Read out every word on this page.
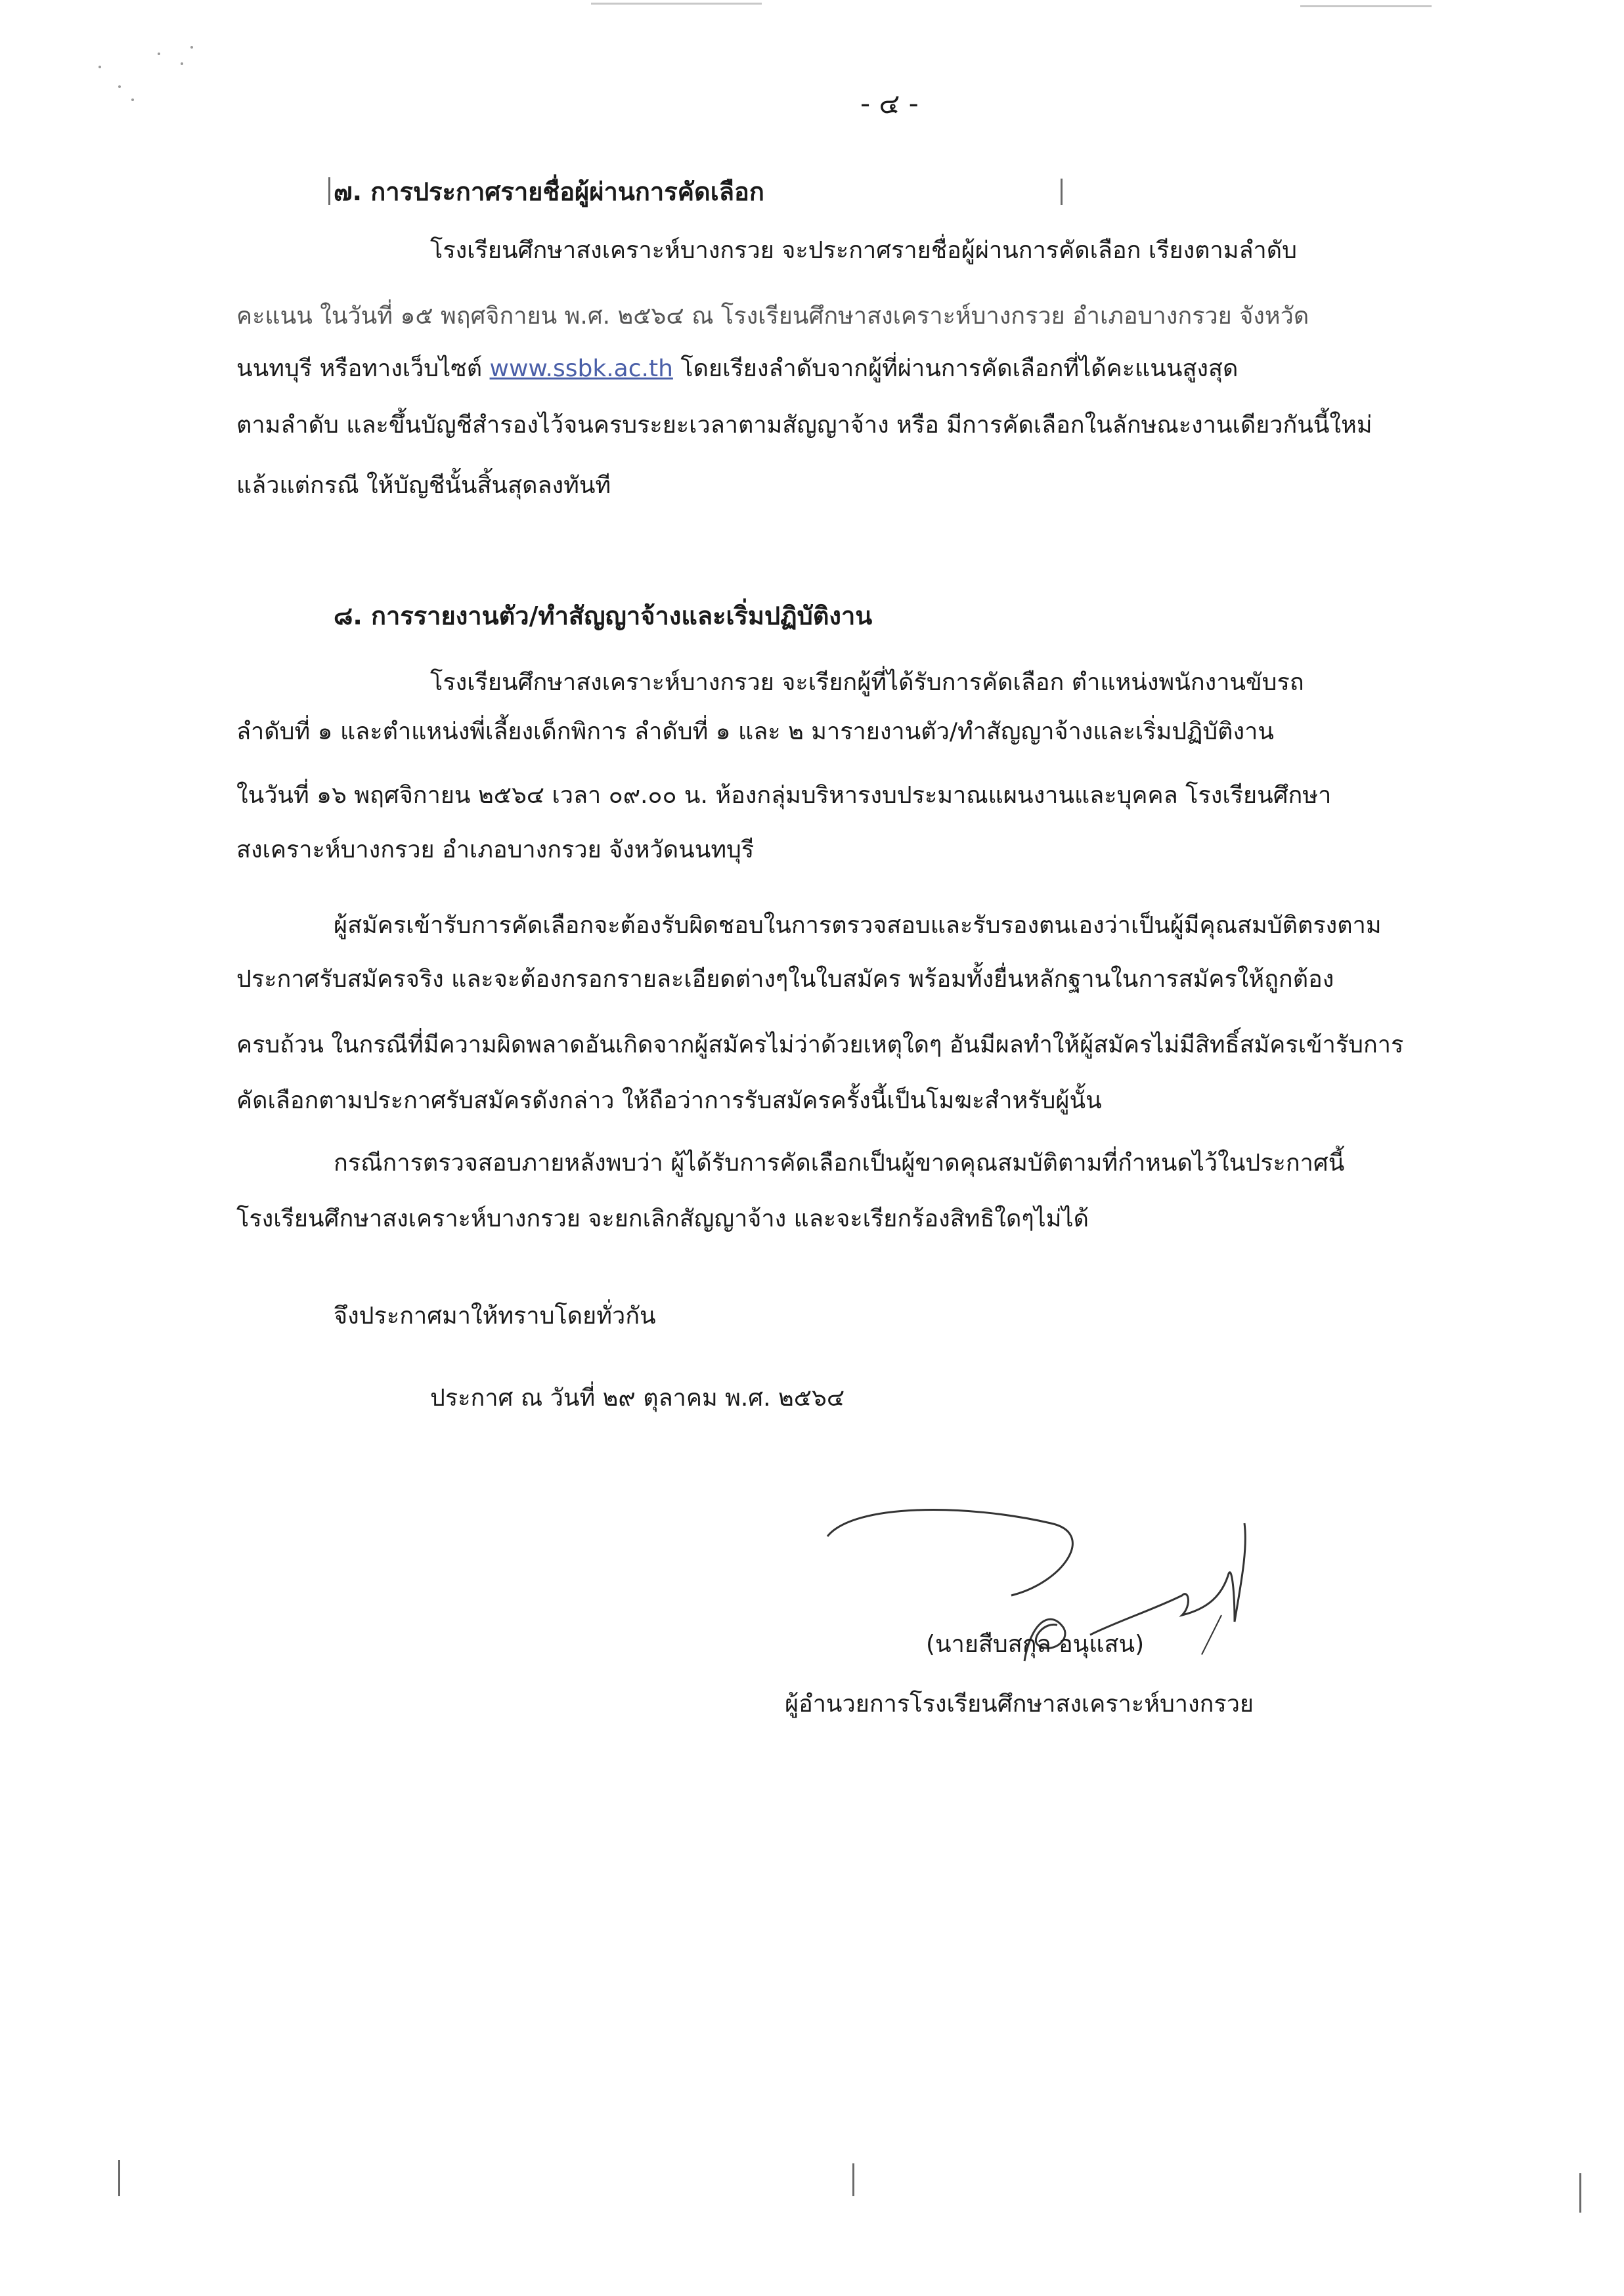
- ๔ -
๗. การประกาศรายชื่อผู้ผ่านการคัดเลือก
โรงเรียนศึกษาสงเคราะห์บางกรวย จะประกาศรายชื่อผู้ผ่านการคัดเลือก เรียงตามลำดับ
คะแนน ในวันที่ ๑๕ พฤศจิกายน พ.ศ. ๒๕๖๔ ณ โรงเรียนศึกษาสงเคราะห์บางกรวย อำเภอบางกรวย จังหวัด
นนทบุรี หรือทางเว็บไซต์ www.ssbk.ac.th โดยเรียงลำดับจากผู้ที่ผ่านการคัดเลือกที่ได้คะแนนสูงสุด
ตามลำดับ และขึ้นบัญชีสำรองไว้จนครบระยะเวลาตามสัญญาจ้าง หรือ มีการคัดเลือกในลักษณะงานเดียวกันนี้ใหม่
แล้วแต่กรณี ให้บัญชีนั้นสิ้นสุดลงทันที
๘. การรายงานตัว/ทำสัญญาจ้างและเริ่มปฏิบัติงาน
โรงเรียนศึกษาสงเคราะห์บางกรวย จะเรียกผู้ที่ได้รับการคัดเลือก ตำแหน่งพนักงานขับรถ
ลำดับที่ ๑ และตำแหน่งพี่เลี้ยงเด็กพิการ ลำดับที่ ๑ และ ๒ มารายงานตัว/ทำสัญญาจ้างและเริ่มปฏิบัติงาน
ในวันที่ ๑๖ พฤศจิกายน ๒๕๖๔ เวลา ๐๙.๐๐ น. ห้องกลุ่มบริหารงบประมาณแผนงานและบุคคล โรงเรียนศึกษา
สงเคราะห์บางกรวย อำเภอบางกรวย จังหวัดนนทบุรี
ผู้สมัครเข้ารับการคัดเลือกจะต้องรับผิดชอบในการตรวจสอบและรับรองตนเองว่าเป็นผู้มีคุณสมบัติตรงตาม
ประกาศรับสมัครจริง และจะต้องกรอกรายละเอียดต่างๆในใบสมัคร พร้อมทั้งยื่นหลักฐานในการสมัครให้ถูกต้อง
ครบถ้วน ในกรณีที่มีความผิดพลาดอันเกิดจากผู้สมัครไม่ว่าด้วยเหตุใดๆ อันมีผลทำให้ผู้สมัครไม่มีสิทธิ์สมัครเข้ารับการ
คัดเลือกตามประกาศรับสมัครดังกล่าว ให้ถือว่าการรับสมัครครั้งนี้เป็นโมฆะสำหรับผู้นั้น
กรณีการตรวจสอบภายหลังพบว่า ผู้ได้รับการคัดเลือกเป็นผู้ขาดคุณสมบัติตามที่กำหนดไว้ในประกาศนี้
โรงเรียนศึกษาสงเคราะห์บางกรวย จะยกเลิกสัญญาจ้าง และจะเรียกร้องสิทธิใดๆไม่ได้
จึงประกาศมาให้ทราบโดยทั่วกัน
ประกาศ ณ วันที่ ๒๙ ตุลาคม พ.ศ. ๒๕๖๔
(นายสืบสกุล อนุแสน)
ผู้อำนวยการโรงเรียนศึกษาสงเคราะห์บางกรวย
